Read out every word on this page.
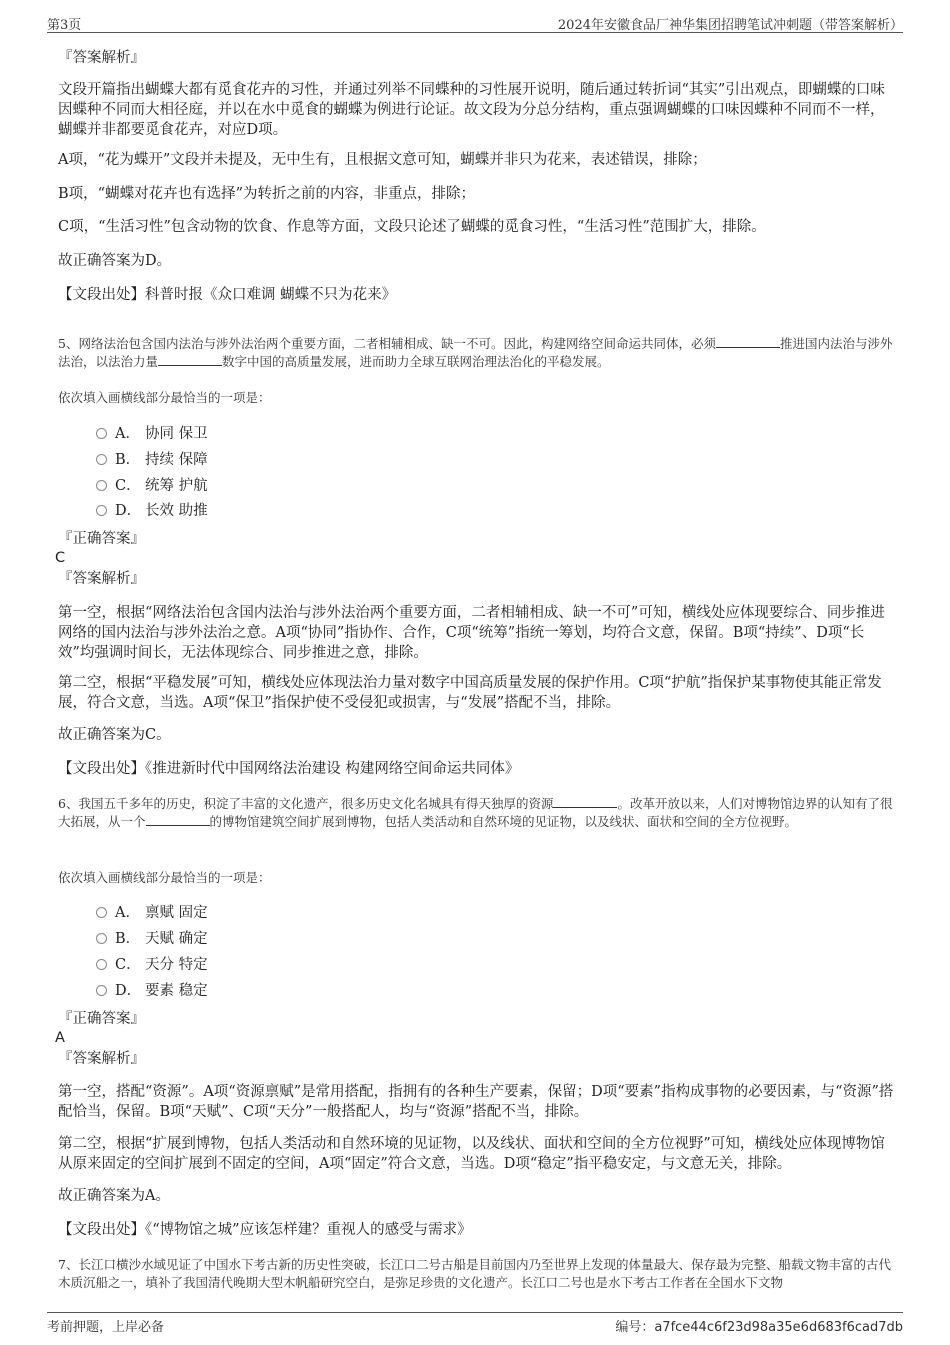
第3页	2024年安徽食品厂神华集团招聘笔试冲刺题（带答案解析）
『答案解析』
文段开篇指出蝴蝶大都有觅食花卉的习性，并通过列举不同蝶种的习性展开说明，随后通过转折词“其实”引出观点，即蝴蝶的口味因蝶种不同而大相径庭，并以在水中觅食的蝴蝶为例进行论证。故文段为分总分结构，重点强调蝴蝶的口味因蝶种不同而不一样，蝴蝶并非都要觅食花卉，对应D项。
A项，“花为蝶开”文段并未提及，无中生有，且根据文意可知，蝴蝶并非只为花来，表述错误，排除；
B项，“蝴蝶对花卉也有选择”为转折之前的内容，非重点，排除；
C项，“生活习性”包含动物的饮食、作息等方面，文段只论述了蝴蝶的觅食习性，“生活习性”范围扩大，排除。
故正确答案为D。
【文段出处】科普时报《众口难调 蝴蝶不只为花来》
5、网络法治包含国内法治与涉外法治两个重要方面，二者相辅相成、缺一不可。因此，构建网络空间命运共同体，必须	推进国内法治与涉外法治，以法治力量	数字中国的高质量发展，进而助力全球互联网治理法治化的平稳发展。
依次填入画横线部分最恰当的一项是：
A． 协同 保卫
B． 持续 保障
C． 统筹 护航
D． 长效 助推
『正确答案』
C
『答案解析』
第一空，根据“网络法治包含国内法治与涉外法治两个重要方面，二者相辅相成、缺一不可”可知，横线处应体现要综合、同步推进网络的国内法治与涉外法治之意。A项“协同”指协作、合作，C项“统筹”指统一筹划，均符合文意，保留。B项“持续”、D项“长效”均强调时间长，无法体现综合、同步推进之意，排除。
第二空，根据“平稳发展”可知，横线处应体现法治力量对数字中国高质量发展的保护作用。C项“护航”指保护某事物使其能正常发展，符合文意，当选。A项“保卫”指保护使不受侵犯或损害，与“发展”搭配不当，排除。
故正确答案为C。
【文段出处】《推进新时代中国网络法治建设 构建网络空间命运共同体》
6、我国五千多年的历史，积淀了丰富的文化遗产，很多历史文化名城具有得天独厚的资源	。改革开放以来，人们对博物馆边界的认知有了很大拓展，从一个	的博物馆建筑空间扩展到博物，包括人类活动和自然环境的见证物，以及线状、面状和空间的全方位视野。
依次填入画横线部分最恰当的一项是：
A． 禀赋 固定
B． 天赋 确定
C． 天分 特定
D． 要素 稳定
『正确答案』
A
『答案解析』
第一空，搭配“资源”。A项“资源禀赋”是常用搭配，指拥有的各种生产要素，保留；D项“要素”指构成事物的必要因素，与“资源”搭配恰当，保留。B项“天赋”、C项“天分”一般搭配人，均与“资源”搭配不当，排除。
第二空，根据“扩展到博物，包括人类活动和自然环境的见证物，以及线状、面状和空间的全方位视野”可知，横线处应体现博物馆从原来固定的空间扩展到不固定的空间，A项“固定”符合文意，当选。D项“稳定”指平稳安定，与文意无关，排除。
故正确答案为A。
【文段出处】《“博物馆之城”应该怎样建？重视人的感受与需求》
7、长江口横沙水域见证了中国水下考古新的历史性突破，长江口二号古船是目前国内乃至世界上发现的体量最大、保存最为完整、船载文物丰富的古代木质沉船之一，填补了我国清代晚期大型木帆船研究空白，是弥足珍贵的文化遗产。长江口二号也是水下考古工作者在全国水下文物
考前押题，上岸必备	编号：a7fce44c6f23d98a35e6d683f6cad7db
